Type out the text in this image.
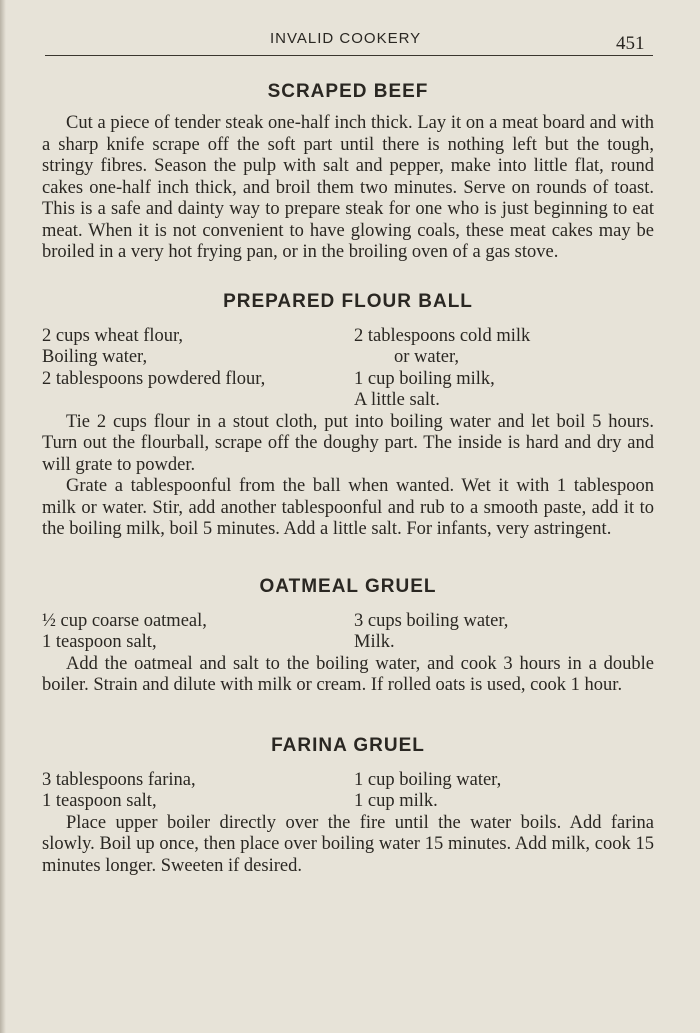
INVALID COOKERY	451
SCRAPED BEEF

Cut a piece of tender steak one-half inch thick. Lay it on a meat board and with a sharp knife scrape off the soft part until there is nothing left but the tough, stringy fibres. Season the pulp with salt and pepper, make into little flat, round cakes one-half inch thick, and broil them two minutes. Serve on rounds of toast. This is a safe and dainty way to prepare steak for one who is just beginning to eat meat. When it is not convenient to have glowing coals, these meat cakes may be broiled in a very hot frying pan, or in the broiling oven of a gas stove.

PREPARED FLOUR BALL
2 cups wheat flour,
Boiling water,
2 tablespoons powdered flour,
2 tablespoons cold milk
or water,
1 cup boiling milk,
A little salt.

Tie 2 cups flour in a stout cloth, put into boiling water and let boil 5 hours. Turn out the flourball, scrape off the doughy part. The inside is hard and dry and will grate to powder.

Grate a tablespoonful from the ball when wanted. Wet it with 1 tablespoon milk or water. Stir, add another tablespoonful and rub to a smooth paste, add it to the boiling milk, boil 5 minutes. Add a little salt. For infants, very astringent.

OATMEAL GRUEL
½ cup coarse oatmeal,
1 teaspoon salt,
3 cups boiling water,
Milk.

Add the oatmeal and salt to the boiling water, and cook 3 hours in a double boiler. Strain and dilute with milk or cream. If rolled oats is used, cook 1 hour.

FARINA GRUEL
3 tablespoons farina,
1 teaspoon salt,
1 cup boiling water,
1 cup milk.

Place upper boiler directly over the fire until the water boils. Add farina slowly. Boil up once, then place over boiling water 15 minutes. Add milk, cook 15 minutes longer. Sweeten if desired.
